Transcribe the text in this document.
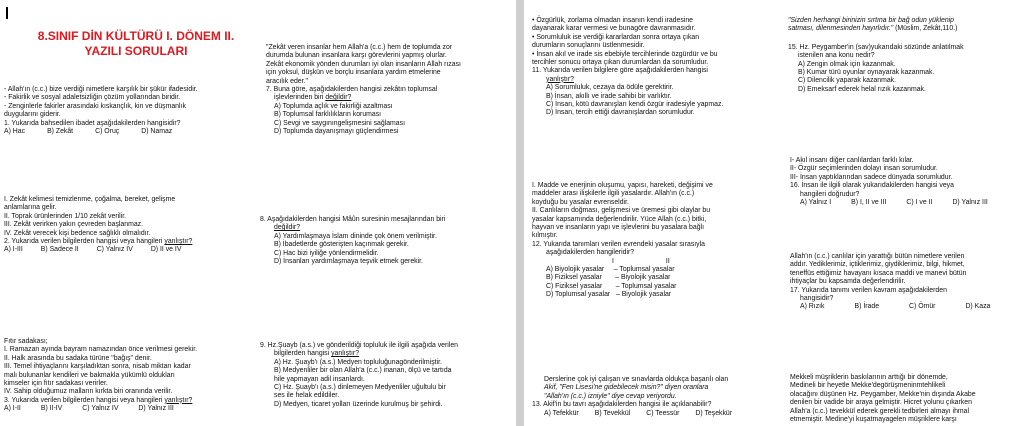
8.SINIF DİN KÜLTÜRÜ I. DÖNEM II.
YAZILI SORULARI

- Allah'ın (c.c.) bize verdiği nimetlere karşılık bir şükür ifadesidir.

- Fakirlik ve sosyal adaletsizliğin çözüm yollarından biridir.

- Zenginlerle fakirler arasındaki kıskançlık, kin ve düşmanlık

duygularını giderir.

1. Yukarıda bahsedilen ibadet aşağıdakilerden hangisidir?

A) Hac	B) Zekât	C) Oruç	D) Namaz

I. Zekât kelimesi temizlenme, çoğalma, bereket, gelişme

anlamlarına gelir.

II. Toprak ürünlerinden 1/10 zekât verilir.

III. Zekât verirken yakın çevreden başlanmaz.

IV. Zekât verecek kişi bedence sağlıklı olmalıdır.

2. Yukarıda verilen bilgilerden hangisi veya hangileri yanlıştır?

A) I-III	B) Sadece II	C) Yalnız IV	D) II ve IV

Fıtır sadakası;

I. Ramazan ayında bayram namazından önce verilmesi gerekir.

II. Halk arasında bu sadaka türüne "bağış" denir.

III. Temel ihtiyaçlarını karşıladıktan sonra, nisab miktarı kadar

malı bulunanlar kendileri ve bakmakla yükümlü oldukları

kimseler için fıtır sadakası verirler.

IV. Sahip olduğumuz malların kırkta biri oranında verilir.

3. Yukarıda verilen bilgilerden hangisi veya hangileri yanlıştır?

A) I-II	B) II-IV	C) Yalnız IV	D) Yalnız III

"Zekât veren insanlar hem Allah'a (c.c.) hem de toplumda zor

durumda bulunan insanlara karşı görevlerini yapmış olurlar.

Zekât ekonomik yönden durumları iyi olan insanların Allah rızası

için yoksul, düşkün ve borçlu insanlara yardım etmelerine

aracılık eder."

7. Buna göre, aşağıdakilerden hangisi zekâtın toplumsal

işlevlerinden biri değildir?

A) Toplumda açlık ve fakirliği azaltması

B) Toplumsal farklılıkların koruması

C) Sevgi ve saygınıngelişmesini sağlaması

D) Toplumda dayanışmayı güçlendirmesi

8. Aşağıdakilerden hangisi Mâûn suresinin mesajlarından biri

değildir?

A) Yardımlaşmaya İslam dininde çok önem verilmiştir.

B) İbadetlerde gösterişten kaçınmak gerekir.

C) Hac bizi iyiliğe yönlendirmelidir.

D) İnsanları yardımlaşmaya teşvik etmek gerekir.

9. Hz.Şuayb (a.s.) ve gönderildiği topluluk ile ilgili aşağıda verilen

bilgilerden hangisi yanlıştır?

A) Hz. Şuayb'ı (a.s.) Medyen topluluğunagönderilmiştir.

B) Medyenliler bir olan Allah'a (c.c.) inanan, ölçü ve tartıda

hile yapmayan adil insanlardı.

C) Hz. Şuayb'ı (a.s.) dinlemeyen Medyenliler uğultulu bir

ses ile helak edildiler.

D) Medyen, ticaret yolları üzerinde kurulmuş bir şehirdi.

• Özgürlük, zorlama olmadan insanın kendi iradesine

dayanarak karar vermesi ve bunagöre davranmasıdır.

• Sorumluluk ise verdiği kararlardan sonra ortaya çıkan

durumların sonuçlarını üstlenmesidir.

• İnsan akıl ve irade sis ebebiyle tercihlerinde özgürdür ve bu

tercihler sonucu ortaya çıkan durumlardan da sorumludur.

11. Yukarıda verilen bilgilere göre aşağıdakilerden hangisi

yanlıştır?

A) Sorumluluk, cezaya da ödüle gerektirir.

B) İnsan, akıllı ve irade sahibi bir varlıktır.

C) İnsan, kötü davranışları kendi özgür iradesiyle yapmaz.

D) İnsan, tercih ettiği davranışlardan sorumludur.

I. Madde ve enerjinin oluşumu, yapısı, hareketi, değişimi ve

maddeler arası ilişkilerle ilgili yasalardır. Allah'ın (c.c.)

koyduğu bu yasalar evrenseldir.

II. Canlıların doğması, gelişmesi ve üremesi gibi olaylar bu

yasalar kapsamında değerlendirilir. Yüce Allah (c.c.) bitki,

hayvan ve insanların yapı ve işlevlerini bu yasalara bağlı

kılmıştır.

12. Yukarıda tanımları verilen evrendeki yasalar sırasıyla

aşağıdakilerden hangileridir?

I	II

A) Biyolojik yasalar     – Toplumsal yasalar

B) Fiziksel yasalar       – Biyolojik yasalar

C) Fiziksel yasalar       – Toplumsal yasalar

D) Toplumsal yasalar   – Biyolojik yasalar

Derslerine çok iyi çalışan ve sınavlarda oldukça başarılı olan

Akif, "Fen Lisesi'ne gidebilecek misin?" diyen oranlara

"Allah'ın (c.c.) izniyle" diye cevap veriyordu.

13. Akif'in bu tavrı aşağıdakilerden hangisi ile açıklanabilir?

A) Tefekkür B) Tevekkül C) Teessür D) Teşekkür

"Sizden herhangi birinizin sırtına bir bağ odun yüklenip

satması, dilenmesinden hayırlıdır." (Müslim, Zekât,110.)

15. Hz. Peygamber'in (sav)yukarıdaki sözünde anlatılmak

istenilen ana konu nedir?

A) Zengin olmak için kazanmak.

B) Kumar türü oyunlar oynayarak kazanmak.

C) Dilencilik yaparak kazanmak.

D) Emeksarf ederek helal rızık kazanmak.

I- Akıl insanı diğer canlılardan farklı kılar.

II- Özgür seçimlerinden dolayı insan sorumludur.

III- İnsan yaptıklarından sadece dünyada sorumludur.

16. İnsan ile ilgili olarak yukarıdakilerden hangisi veya

hangileri doğrudur?

A) Yalnız I	B) I, II ve III	C) I ve II	D) Yalnız III

Allah'ın (c.c.) canlılar için yarattığı bütün nimetlere verilen

addır. Yediklerimiz, içtiklerimiz, giydiklerimiz, bilgi, hikmet,

teneffüs ettiğimiz havayanı kısaca maddi ve manevi bütün

ihtiyaçlar bu kapsamda değerlendirilir.

17. Yukarıda tanımı verilen kavram aşağıdakilerden

hangisidir?

A) Rızık	B) İrade	C) Ömür	D) Kaza

Mekkeli müşriklerin baskılarının arttığı bir dönemde,

Medineli bir heyetle Mekke'degörüşmeninmtehlikeli

olacağını düşünen Hz. Peygamber, Mekke'nin dışında Akabe

denilen bir vadide bir araya gelmiştir. Hicret yolunu çıkarken

Allah'a (c.c.) tevekkül ederek gerekli tedbirleri almayı ihmal

etmemiştir. Medine'yi kuşatmayagelen müşriklere karşı
